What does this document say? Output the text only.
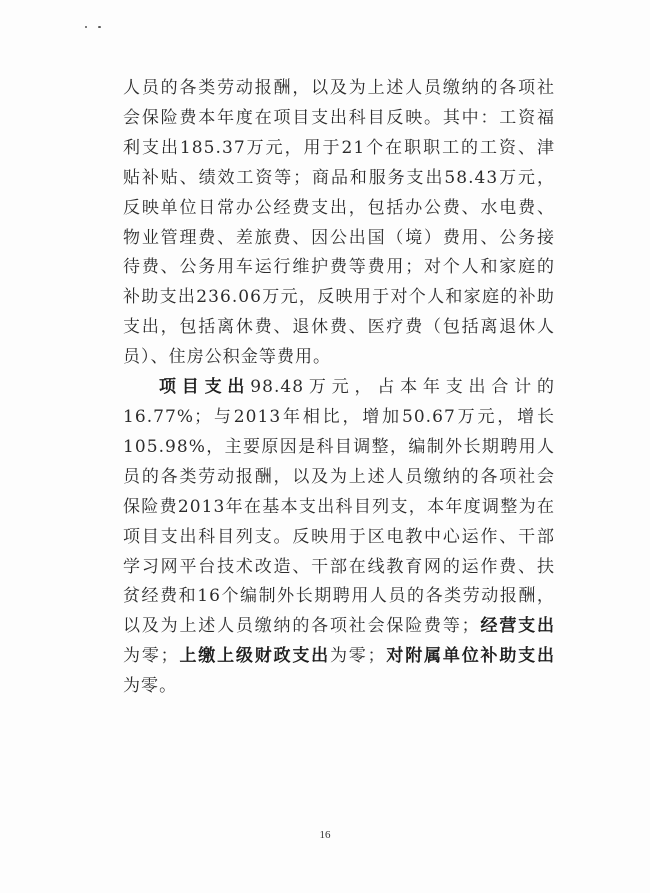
人员的各类劳动报酬，以及为上述人员缴纳的各项社会保险费本年度在项目支出科目反映。其中：工资福利支出185.37万元，用于21个在职职工的工资、津贴补贴、绩效工资等；商品和服务支出58.43万元，反映单位日常办公经费支出，包括办公费、水电费、物业管理费、差旅费、因公出国（境）费用、公务接待费、公务用车运行维护费等费用；对个人和家庭的补助支出236.06万元，反映用于对个人和家庭的补助支出，包括离休费、退休费、医疗费（包括离退休人员）、住房公积金等费用。

项目支出98.48万元，占本年支出合计的16.77%；与2013年相比，增加50.67万元，增长105.98%，主要原因是科目调整，编制外长期聘用人员的各类劳动报酬，以及为上述人员缴纳的各项社会保险费2013年在基本支出科目列支，本年度调整为在项目支出科目列支。反映用于区电教中心运作、干部学习网平台技术改造、干部在线教育网的运作费、扶贫经费和16个编制外长期聘用人员的各类劳动报酬，以及为上述人员缴纳的各项社会保险费等；经营支出为零；上缴上级财政支出为零；对附属单位补助支出为零。

16
